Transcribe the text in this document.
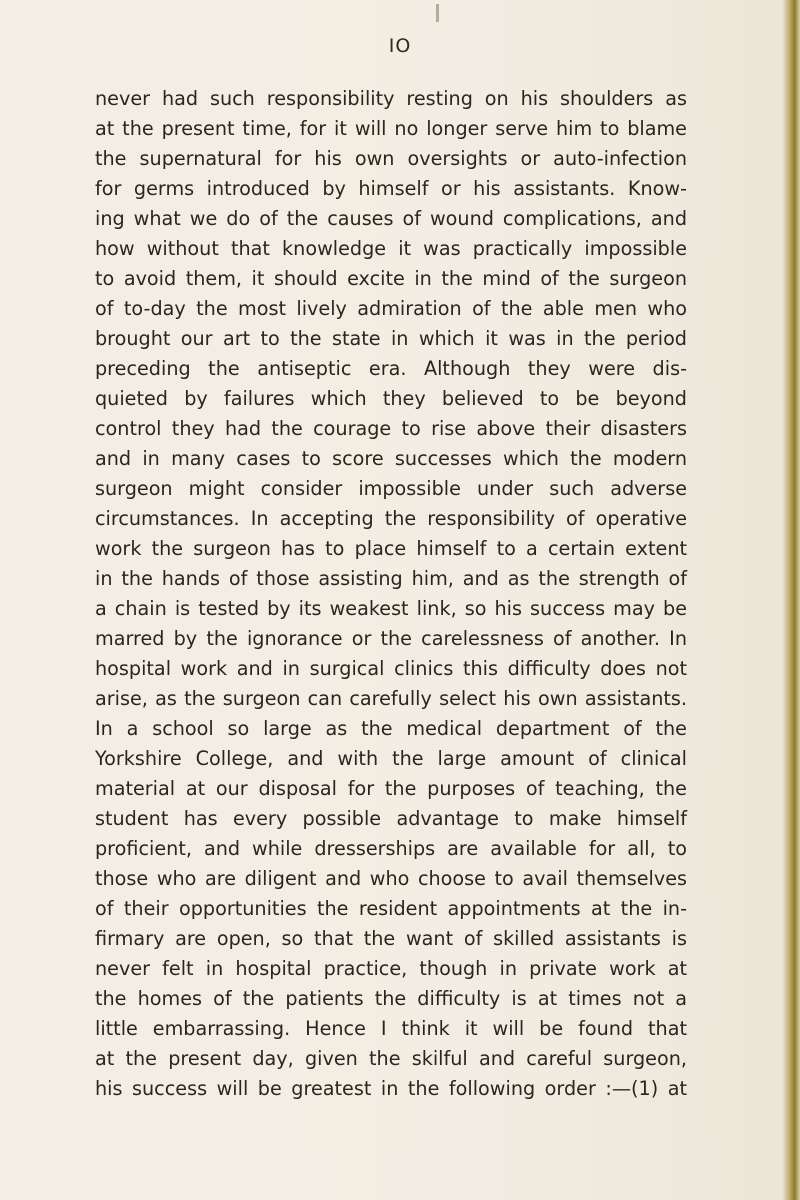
IO
never had such responsibility resting on his shoulders as
at the present time, for it will no longer serve him to blame
the supernatural for his own oversights or auto-infection
for germs introduced by himself or his assistants. Know-
ing what we do of the causes of wound complications, and
how without that knowledge it was practically impossible
to avoid them, it should excite in the mind of the surgeon
of to-day the most lively admiration of the able men who
brought our art to the state in which it was in the period
preceding the antiseptic era. Although they were dis-
quieted by failures which they believed to be beyond
control they had the courage to rise above their disasters
and in many cases to score successes which the modern
surgeon might consider impossible under such adverse
circumstances. In accepting the responsibility of operative
work the surgeon has to place himself to a certain extent
in the hands of those assisting him, and as the strength of
a chain is tested by its weakest link, so his success may be
marred by the ignorance or the carelessness of another. In
hospital work and in surgical clinics this difficulty does not
arise, as the surgeon can carefully select his own assistants.
In a school so large as the medical department of the
Yorkshire College, and with the large amount of clinical
material at our disposal for the purposes of teaching, the
student has every possible advantage to make himself
proficient, and while dresserships are available for all, to
those who are diligent and who choose to avail themselves
of their opportunities the resident appointments at the in-
firmary are open, so that the want of skilled assistants is
never felt in hospital practice, though in private work at
the homes of the patients the difficulty is at times not a
little embarrassing. Hence I think it will be found that
at the present day, given the skilful and careful surgeon,
his success will be greatest in the following order :—(1) at
